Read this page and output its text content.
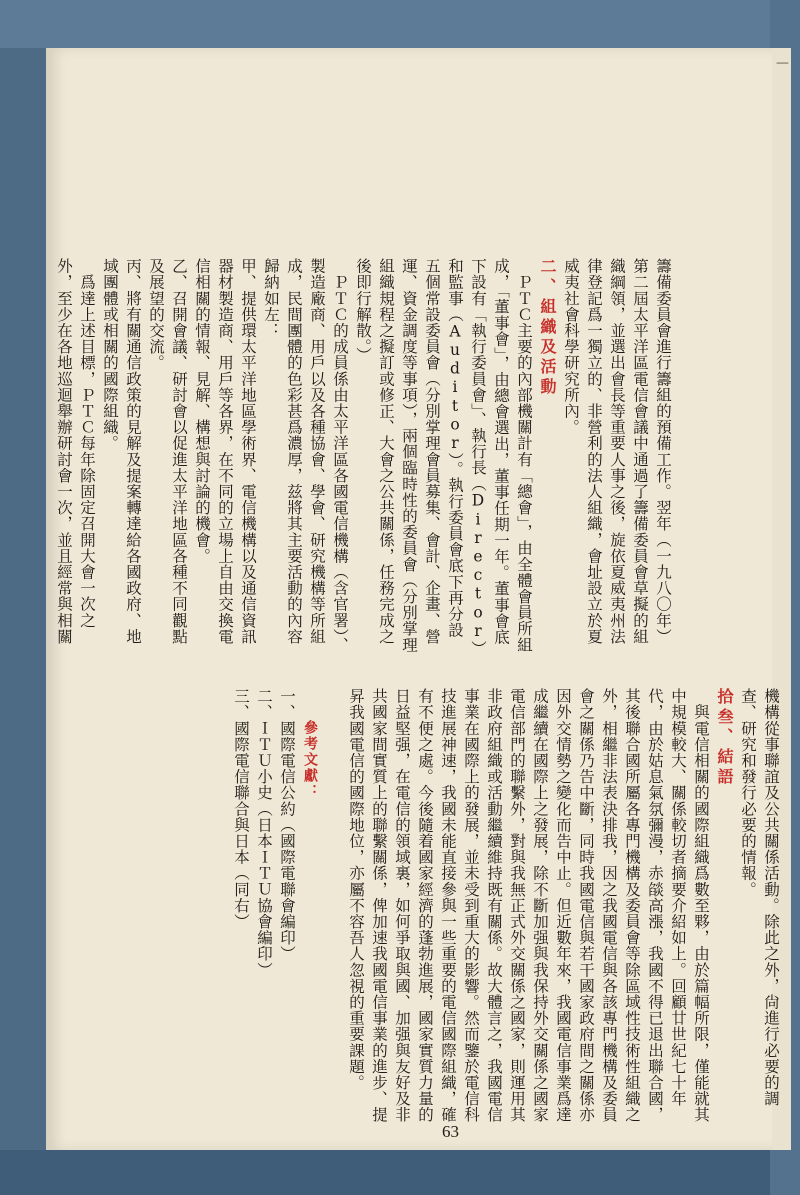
┃
籌備委員會進行籌組的預備工作。翌年（一九八〇年）第二屆太平洋區電信會議中通過了籌備委員會草擬的組織綱領，並選出會長等重要人事之後，旋依夏威夷州法律登記爲一獨立的、非營利的法人組織，會址設立於夏威夷社會科學研究所內。
二、組織及活動
　ＰＴＣ主要的內部機關計有「總會」，由全體會員所組成，「董事會」，由總會選出，董事任期一年。董事會底下設有「執行委員會」、執行長（Director）和監事（Auditor）。執行委員會底下再分設五個常設委員會（分別掌理會員募集、會計、企畫、營運、資金調度等事項），兩個臨時性的委員會（分別掌理組織規程之擬訂或修正、大會之公共關係，任務完成之後即行解散。）
　ＰＴＣ的成員係由太平洋區各國電信機構（含官署）、製造廠商、用戶以及各種協會、學會、研究機構等所組成，民間團體的色彩甚爲濃厚，兹將其主要活動的內容歸納如左：
甲、提供環太平洋地區學術界、電信機構以及通信資訊器材製造商、用戶等各界，在不同的立場上自由交換電信相關的情報、見解、構想與討論的機會。
乙、召開會議、研討會以促進太平洋地區各種不同觀點及展望的交流。
丙、將有關通信政策的見解及提案轉達給各國政府、地域團體或相關的國際組織。
　爲達上述目標，ＰＴＣ每年除固定召開大會一次之外，至少在各地巡迴舉辦研討會一次，並且經常與相關
機構從事聯誼及公共關係活動。除此之外，尙進行必要的調查、研究和發行必要的情報。
拾叁、結語
　與電信相關的國際組織爲數至夥，由於篇幅所限，僅能就其中規模較大、關係較切者摘要介紹如上。回顧廿世紀七十年代，由於姑息氣氛彌漫，赤燄高漲，我國不得已退出聯合國，其後聯合國所屬各專門機構及委員會等除區域性技術性組織之外，相繼非法表決排我，因之我國電信與各該專門機構及委員會之關係乃告中斷，同時我國電信與若干國家政府間之關係亦因外交情勢之變化而告中止。但近數年來，我國電信事業爲達成繼續在國際上之發展，除不斷加强與我保持外交關係之國家電信部門的聯繫外，對與我無正式外交關係之國家，則運用其非政府組織或活動繼續維持既有關係。故大體言之，我國電信事業在國際上的發展，並未受到重大的影響。然而鑒於電信科技進展神速，我國未能直接參與一些重要的電信國際組織，確有不便之處。今後隨着國家經濟的蓬勃進展，國家實質力量的日益堅强，在電信的領域裏，如何爭取與國、加强與友好及非共國家間實質上的聯繫關係，俾加速我國電信事業的進步、提昇我國電信的國際地位，亦屬不容吾人忽視的重要課題。

　　參考文獻：
一、國際電信公約（國際電聯會編印）
二、ＩＴＵ小史（日本ＩＴＵ協會編印）
三、國際電信聯合與日本（同右）

63
